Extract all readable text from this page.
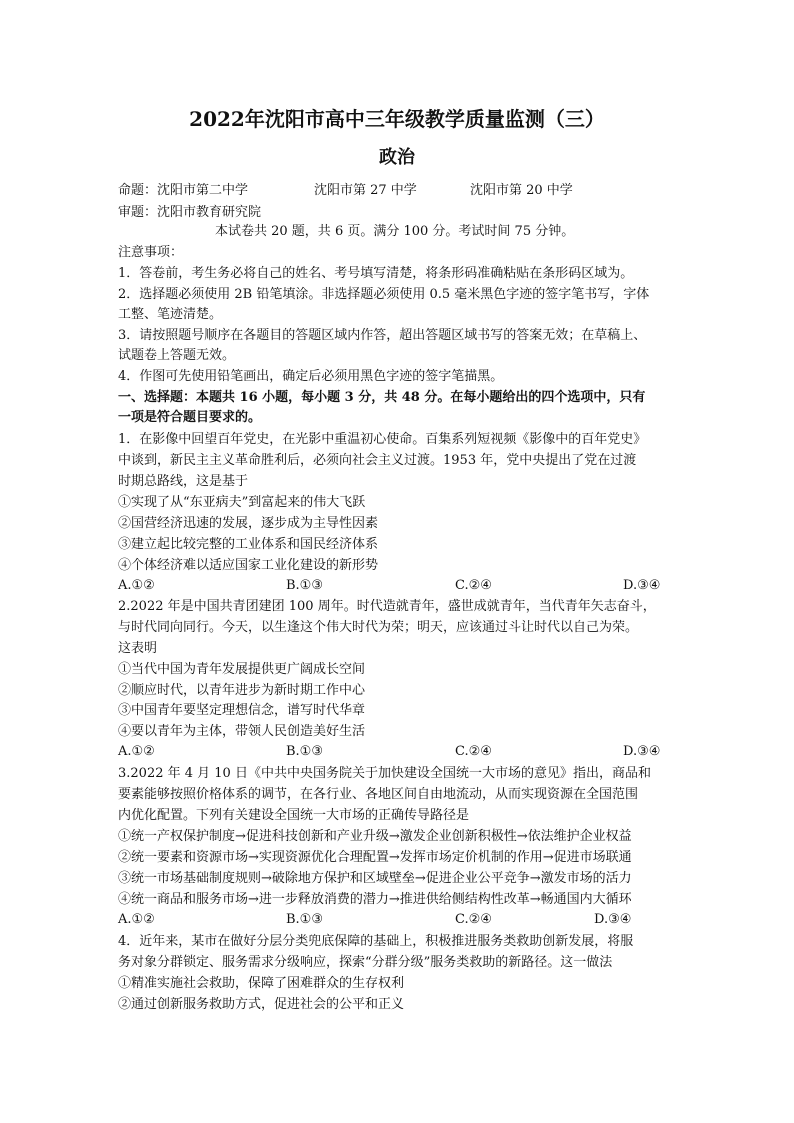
2022年沈阳市高中三年级教学质量监测（三）
政治
命题：沈阳市第二中学	沈阳市第 27 中学	沈阳市第 20 中学
审题：沈阳市教育研究院
本试卷共 20 题，共 6 页。满分 100 分。考试时间 75 分钟。
注意事项：
1．答卷前，考生务必将自己的姓名、考号填写清楚，将条形码准确粘贴在条形码区域为。
2．选择题必须使用 2B 铅笔填涂。非选择题必须使用 0.5 毫米黑色字迹的签字笔书写，字体
工整、笔迹清楚。
3．请按照题号顺序在各题目的答题区域内作答，超出答题区域书写的答案无效；在草稿上、
试题卷上答题无效。
4．作图可先使用铅笔画出，确定后必须用黑色字迹的签字笔描黑。
一、选择题：本题共 16 小题，每小题 3 分，共 48 分。在每小题给出的四个选项中，只有
一项是符合题目要求的。
1．在影像中回望百年党史，在光影中重温初心使命。百集系列短视频《影像中的百年党史》
中谈到，新民主主义革命胜利后，必须向社会主义过渡。1953 年，党中央提出了党在过渡
时期总路线，这是基于
①实现了从“东亚病夫”到富起来的伟大飞跃
②国营经济迅速的发展，逐步成为主导性因素
③建立起比较完整的工业体系和国民经济体系
④个体经济难以适应国家工业化建设的新形势
A.①②	B.①③	C.②④	D.③④
2.2022 年是中国共青团建团 100 周年。时代造就青年，盛世成就青年，当代青年矢志奋斗，
与时代同向同行。今天，以生逢这个伟大时代为荣；明天，应该通过斗让时代以自己为荣。
这表明
①当代中国为青年发展提供更广阔成长空间
②顺应时代，以青年进步为新时期工作中心
③中国青年要坚定理想信念，谱写时代华章
④要以青年为主体，带领人民创造美好生活
A.①②	B.①③	C.②④	D.③④
3.2022 年 4 月 10 日《中共中央国务院关于加快建设全国统一大市场的意见》指出，商品和
要素能够按照价格体系的调节，在各行业、各地区间自由地流动，从而实现资源在全国范围
内优化配置。下列有关建设全国统一大市场的正确传导路径是
①统一产权保护制度→促进科技创新和产业升级→激发企业创新积极性→依法维护企业权益
②统一要素和资源市场→实现资源优化合理配置→发挥市场定价机制的作用→促进市场联通
③统一市场基础制度规则→破除地方保护和区域壁垒→促进企业公平竞争→激发市场的活力
④统一商品和服务市场→进一步释放消费的潜力→推进供给侧结构性改革→畅通国内大循环
A.①②	B.①③	C.②④	D.③④
4．近年来，某市在做好分层分类兜底保障的基础上，积极推进服务类救助创新发展，将服
务对象分群锁定、服务需求分级响应，探索“分群分级”服务类救助的新路径。这一做法
①精准实施社会救助，保障了困难群众的生存权利
②通过创新服务救助方式，促进社会的公平和正义
